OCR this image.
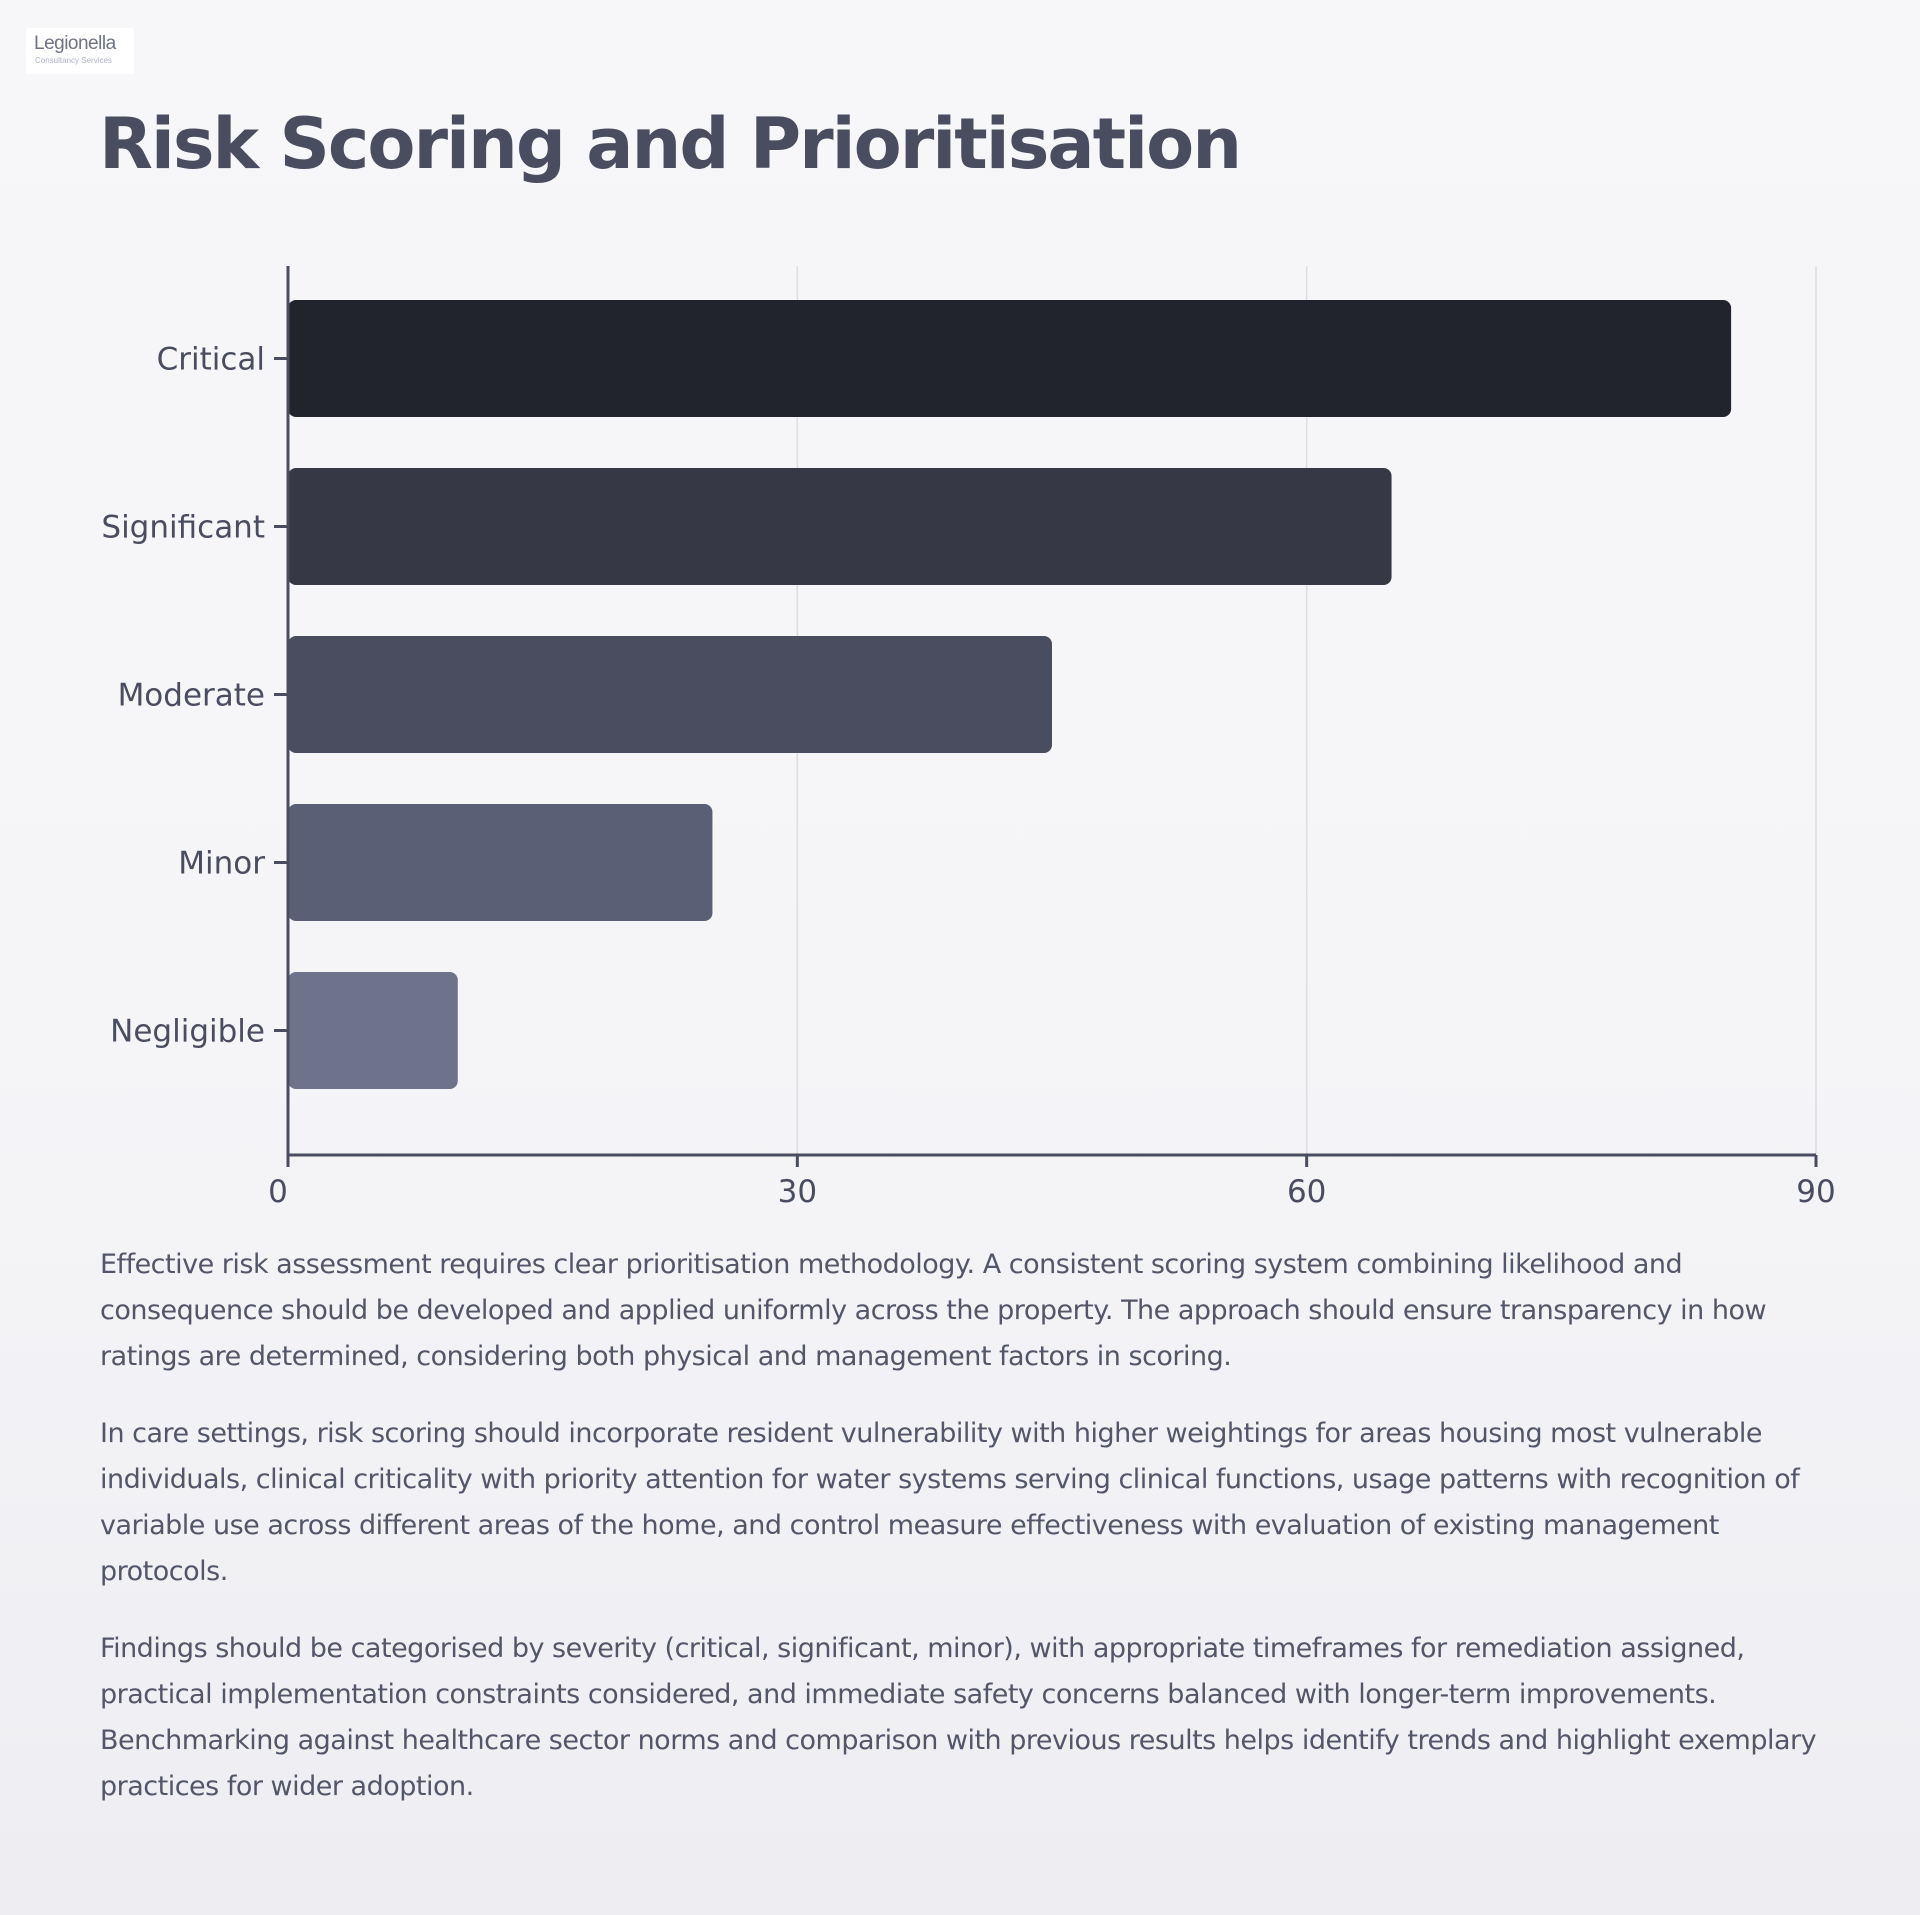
Legionella
Consultancy Services
Risk Scoring and Prioritisation
Critical
Significant
Moderate
Minor
Negligible
0	30	60	90

Effective risk assessment requires clear prioritisation methodology. A consistent scoring system combining likelihood and consequence should be developed and applied uniformly across the property. The approach should ensure transparency in how ratings are determined, considering both physical and management factors in scoring.

In care settings, risk scoring should incorporate resident vulnerability with higher weightings for areas housing most vulnerable individuals, clinical criticality with priority attention for water systems serving clinical functions, usage patterns with recognition of variable use across different areas of the home, and control measure effectiveness with evaluation of existing management protocols.

Findings should be categorised by severity (critical, significant, minor), with appropriate timeframes for remediation assigned, practical implementation constraints considered, and immediate safety concerns balanced with longer-term improvements. Benchmarking against healthcare sector norms and comparison with previous results helps identify trends and highlight exemplary practices for wider adoption.
